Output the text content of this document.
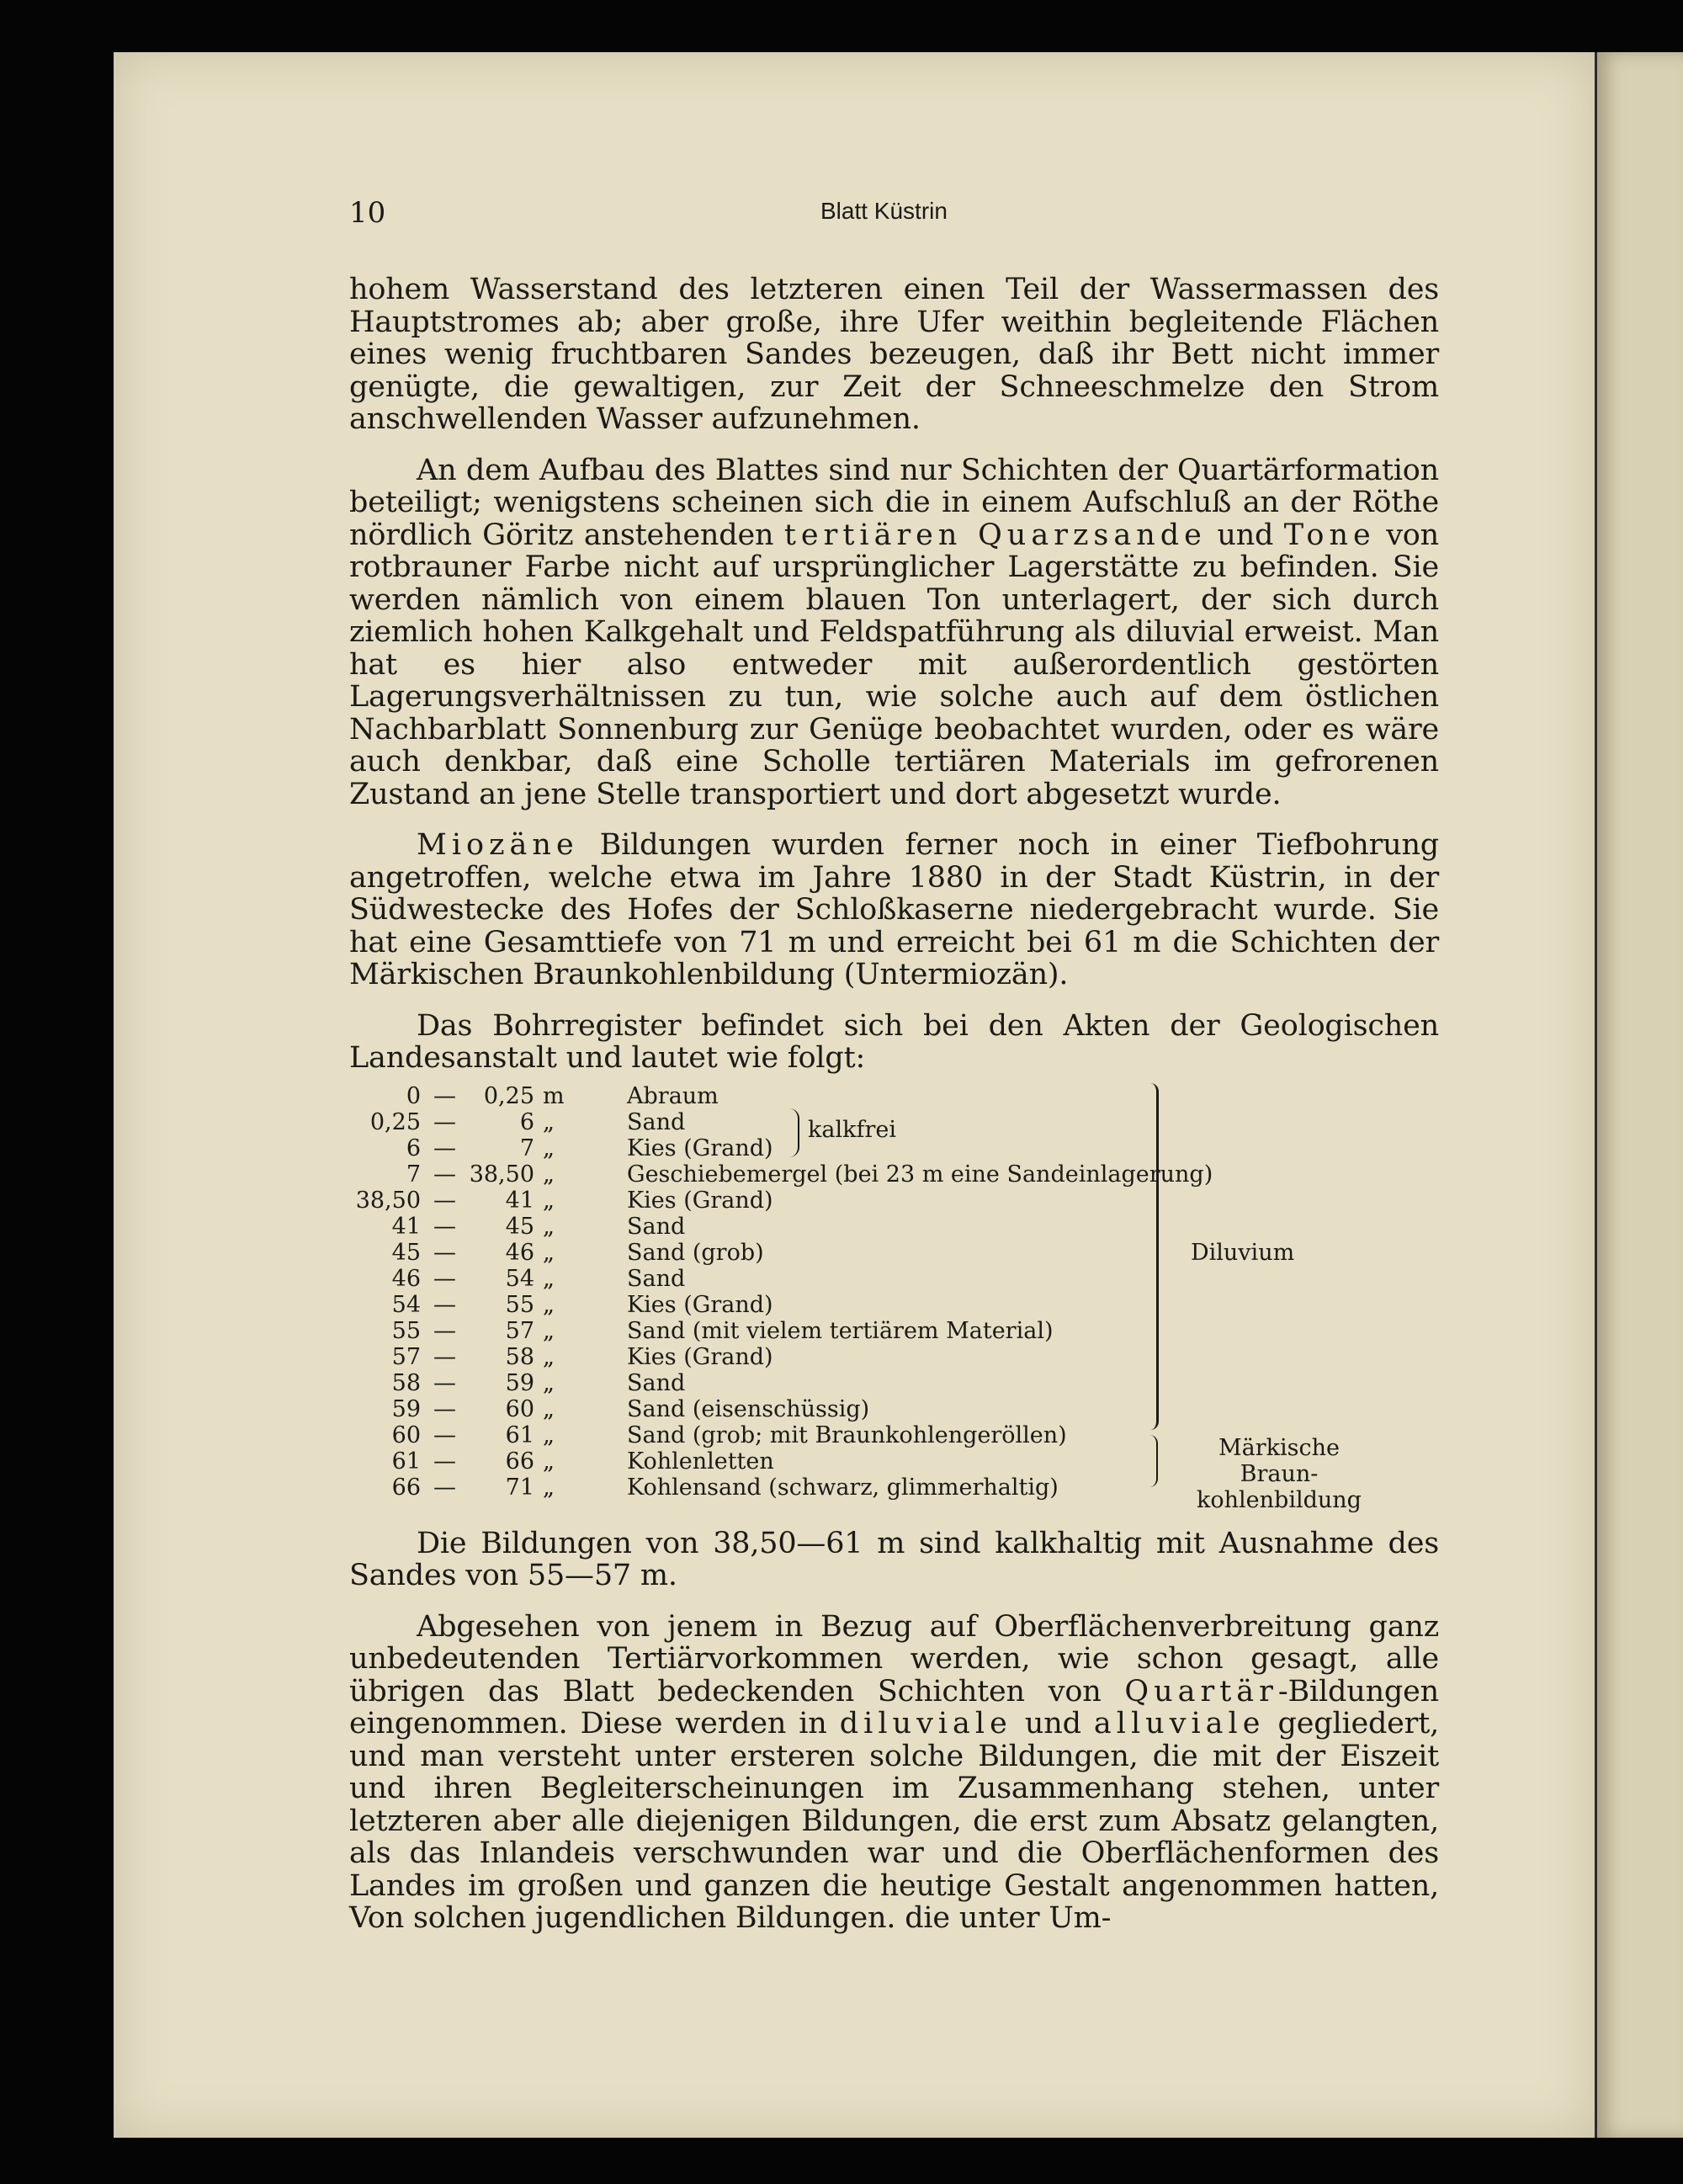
10	Blatt Küstrin

hohem Wasserstand des letzteren einen Teil der Wassermassen des Hauptstromes ab; aber große, ihre Ufer weithin begleitende Flächen eines wenig fruchtbaren Sandes bezeugen, daß ihr Bett nicht immer genügte, die gewaltigen, zur Zeit der Schneeschmelze den Strom anschwellenden Wasser aufzunehmen.

An dem Aufbau des Blattes sind nur Schichten der Quartärformation beteiligt; wenigstens scheinen sich die in einem Aufschluß an der Röthe nördlich Göritz anstehenden tertiären Quarzsande und Tone von rotbrauner Farbe nicht auf ursprünglicher Lagerstätte zu befinden. Sie werden nämlich von einem blauen Ton unterlagert, der sich durch ziemlich hohen Kalkgehalt und Feldspatführung als diluvial erweist. Man hat es hier also entweder mit außerordentlich gestörten Lagerungsverhältnissen zu tun, wie solche auch auf dem östlichen Nachbarblatt Sonnenburg zur Genüge beobachtet wurden, oder es wäre auch denkbar, daß eine Scholle tertiären Materials im gefrorenen Zustand an jene Stelle transportiert und dort abgesetzt wurde.

Miozäne Bildungen wurden ferner noch in einer Tiefbohrung angetroffen, welche etwa im Jahre 1880 in der Stadt Küstrin, in der Südwestecke des Hofes der Schloßkaserne niedergebracht wurde. Sie hat eine Gesamttiefe von 71 m und erreicht bei 61 m die Schichten der Märkischen Braunkohlenbildung (Untermiozän).

Das Bohrregister befindet sich bei den Akten der Geologischen Landesanstalt und lautet wie folgt:

0 —	0,25 m	Abraum
0,25 —	6 „	Sand
6 —	7 „	Kies (Grand)
7 — 38,50 „	Geschiebemergel (bei 23 m eine Sandeinlagerung)
38,50 —	41 „	Kies (Grand)
41 —	45 „	Sand
45 —	46 „	Sand (grob)
46 —	54 „	Sand
54 —	55 „	Kies (Grand)
55 —	57 „	Sand (mit vielem tertiärem Material)
57 —	58 „	Kies (Grand)
58 —	59 „	Sand
59 —	60 „	Sand (eisenschüssig)
60 —	61 „	Sand (grob; mit Braunkohlengeröllen)
61 —	66 „	Kohlenletten
66 —	71 „	Kohlensand (schwarz, glimmerhaltig)
kalkfrei
Diluvium
Märkische Braun-
kohlenbildung

Die Bildungen von 38,50—61 m sind kalkhaltig mit Ausnahme des Sandes von 55—57 m.

Abgesehen von jenem in Bezug auf Oberflächenverbreitung ganz unbedeutenden Tertiärvorkommen werden, wie schon gesagt, alle übrigen das Blatt bedeckenden Schichten von Quartär-Bildungen eingenommen. Diese werden in diluviale und alluviale gegliedert, und man versteht unter ersteren solche Bildungen, die mit der Eiszeit und ihren Begleiterscheinungen im Zusammenhang stehen, unter letzteren aber alle diejenigen Bildungen, die erst zum Absatz gelangten, als das Inlandeis verschwunden war und die Oberflächenformen des Landes im großen und ganzen die heutige Gestalt angenommen hatten, Von solchen jugendlichen Bildungen. die unter Um-
